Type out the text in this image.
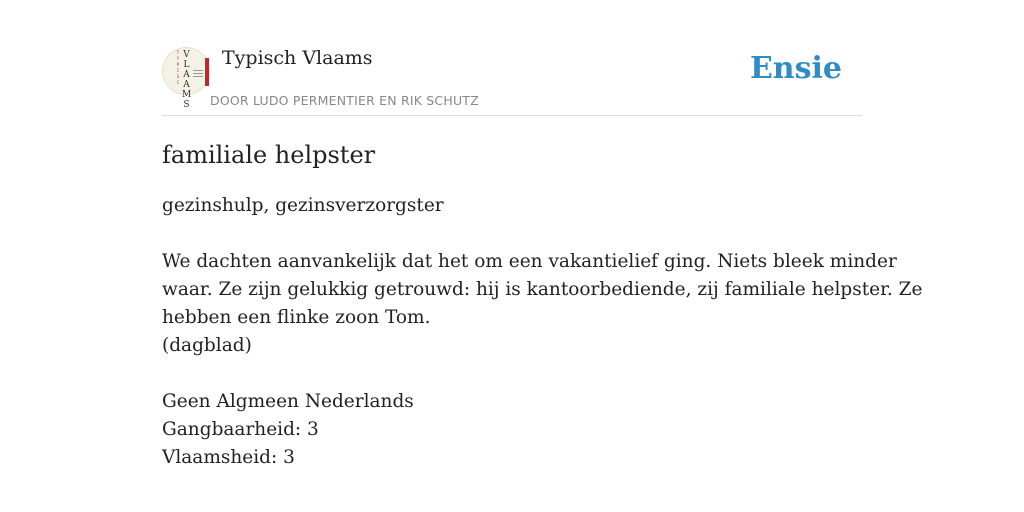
T
Y
P
I
S
C
V
L
A
A
M
S
Typisch Vlaams
DOOR LUDO PERMENTIER EN RIK SCHUTZ
Ensie
familiale helpster
gezinshulp, gezinsverzorgster
We dachten aanvankelijk dat het om een vakantielief ging. Niets bleek minder
waar. Ze zijn gelukkig getrouwd: hij is kantoorbediende, zij familiale helpster. Ze
hebben een flinke zoon Tom.
(dagblad)
Geen Algmeen Nederlands
Gangbaarheid: 3
Vlaamsheid: 3
